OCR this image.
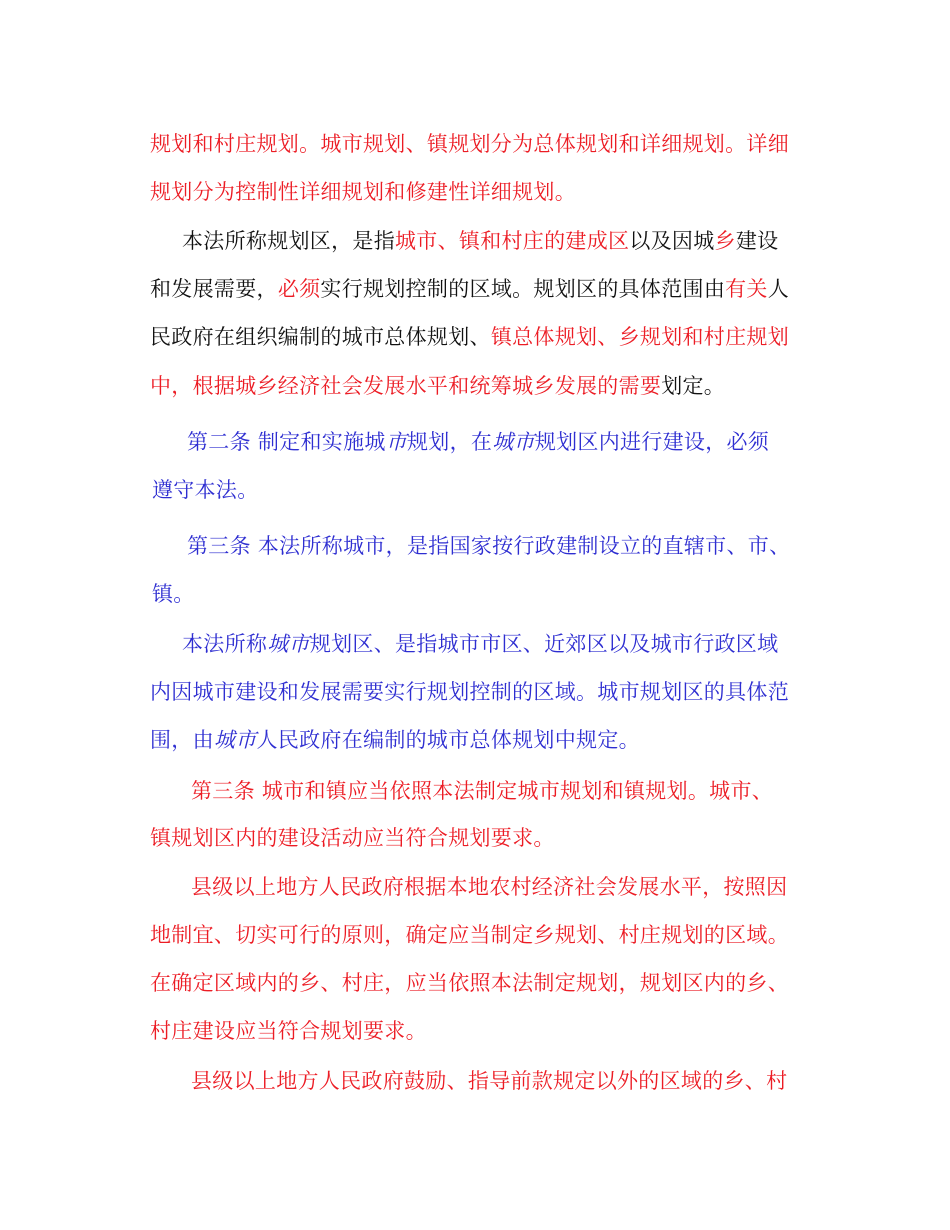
规划和村庄规划。城市规划、镇规划分为总体规划和详细规划。详细
规划分为控制性详细规划和修建性详细规划。
本法所称规划区，是指城市、镇和村庄的建成区以及因城乡建设
和发展需要，必须实行规划控制的区域。规划区的具体范围由有关人
民政府在组织编制的城市总体规划、镇总体规划、乡规划和村庄规划
中，根据城乡经济社会发展水平和统筹城乡发展的需要划定。
第二条 制定和实施城市规划，在城市规划区内进行建设，必须
遵守本法。
第三条 本法所称城市，是指国家按行政建制设立的直辖市、市、
镇。
本法所称城市规划区、是指城市市区、近郊区以及城市行政区域
内因城市建设和发展需要实行规划控制的区域。城市规划区的具体范
围，由城市人民政府在编制的城市总体规划中规定。
第三条 城市和镇应当依照本法制定城市规划和镇规划。城市、
镇规划区内的建设活动应当符合规划要求。
县级以上地方人民政府根据本地农村经济社会发展水平，按照因
地制宜、切实可行的原则，确定应当制定乡规划、村庄规划的区域。
在确定区域内的乡、村庄，应当依照本法制定规划，规划区内的乡、
村庄建设应当符合规划要求。
县级以上地方人民政府鼓励、指导前款规定以外的区域的乡、村
